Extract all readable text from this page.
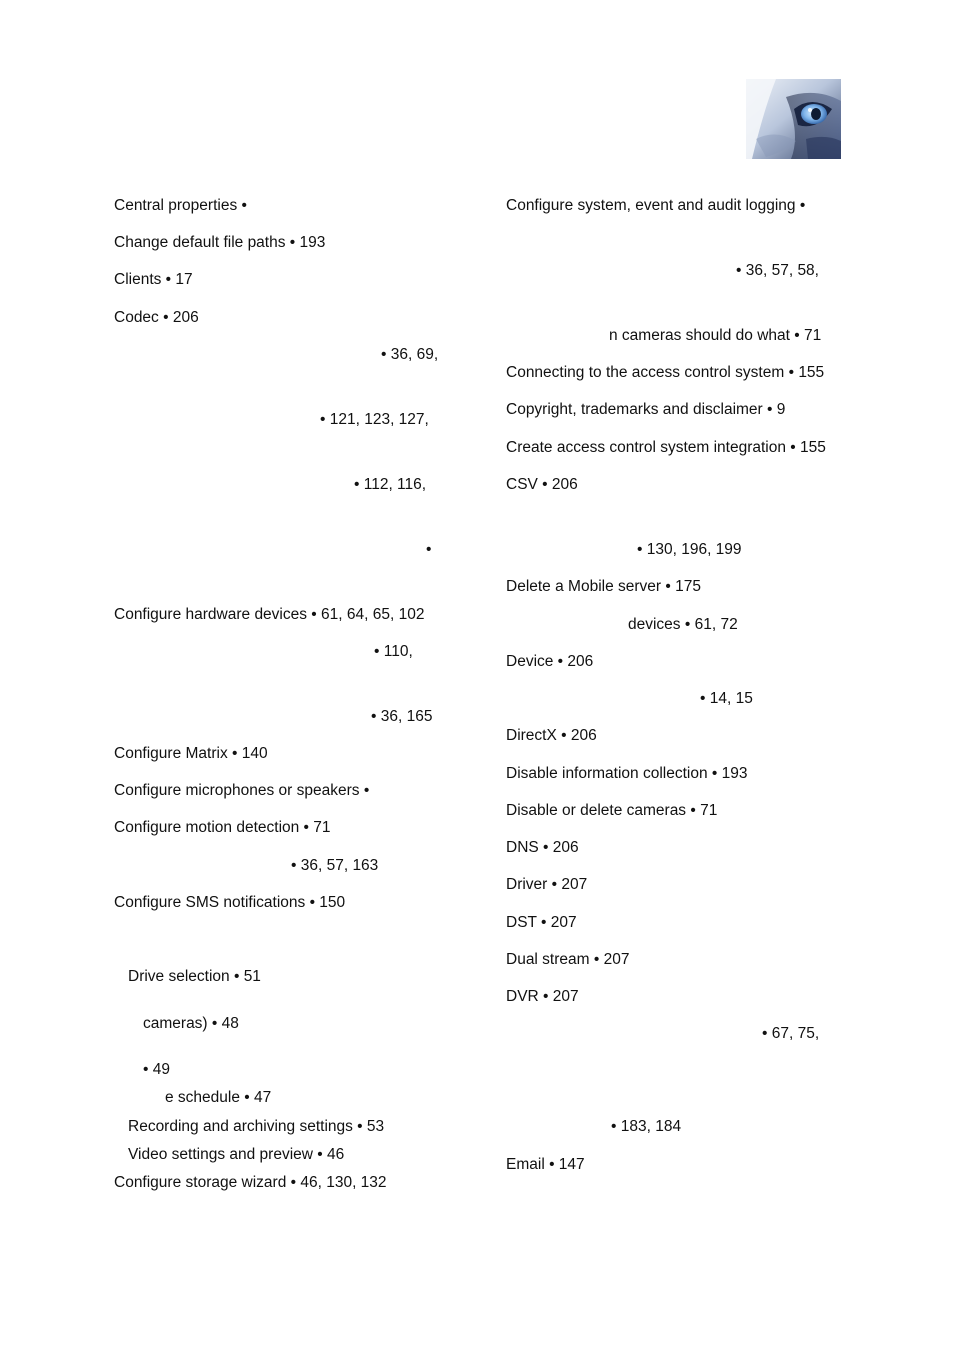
Central properties •
Change default file paths • 193
Clients • 17
Codec • 206
• 36, 69,
• 121, 123, 127,
• 112, 116,
•
Configure hardware devices • 61, 64, 65, 102
• 110,
• 36, 165
Configure Matrix • 140
Configure microphones or speakers •
Configure motion detection • 71
• 36, 57, 163
Configure SMS notifications • 150
Drive selection • 51
cameras) • 48
• 49
e schedule • 47
Recording and archiving settings • 53
Video settings and preview • 46
Configure storage wizard • 46, 130, 132
Configure system, event and audit logging •
• 36, 57, 58,
n cameras should do what • 71
Connecting to the access control system • 155
Copyright, trademarks and disclaimer • 9
Create access control system integration • 155
CSV • 206
• 130, 196, 199
Delete a Mobile server • 175
devices • 61, 72
Device • 206
• 14, 15
DirectX • 206
Disable information collection • 193
Disable or delete cameras • 71
DNS • 206
Driver • 207
DST • 207
Dual stream • 207
DVR • 207
• 67, 75,
• 183, 184
Email • 147
